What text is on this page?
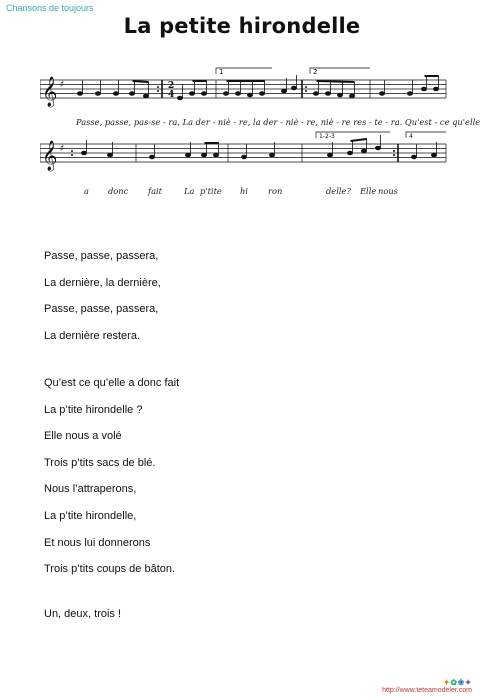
Chansons de toujours
La petite hirondelle
𝄞
𝄞
♯
♯
2
4
1	2
1-2-3	4
Passe, passe, pas-se - ra, La der - niè - re, la der - niè - re, niè - re res - te - ra. Qu'est - ce qu'elle
a donc fait	La p'tite hi ron	delle? Elle nous
Passe, passe, passera,
La dernière, la dernière,
Passe, passe, passera,
La dernière restera.
Qu’est ce qu’elle a donc fait
La p’tite hirondelle ?
Elle nous a volé
Trois p’tits sacs de blé.
Nous l’attraperons,
La p’tite hirondelle,
Et nous lui donnerons
Trois p’tits coups de bâton.
Un, deux, trois !
✦✿❀✦
http://www.teteamodeler.com
